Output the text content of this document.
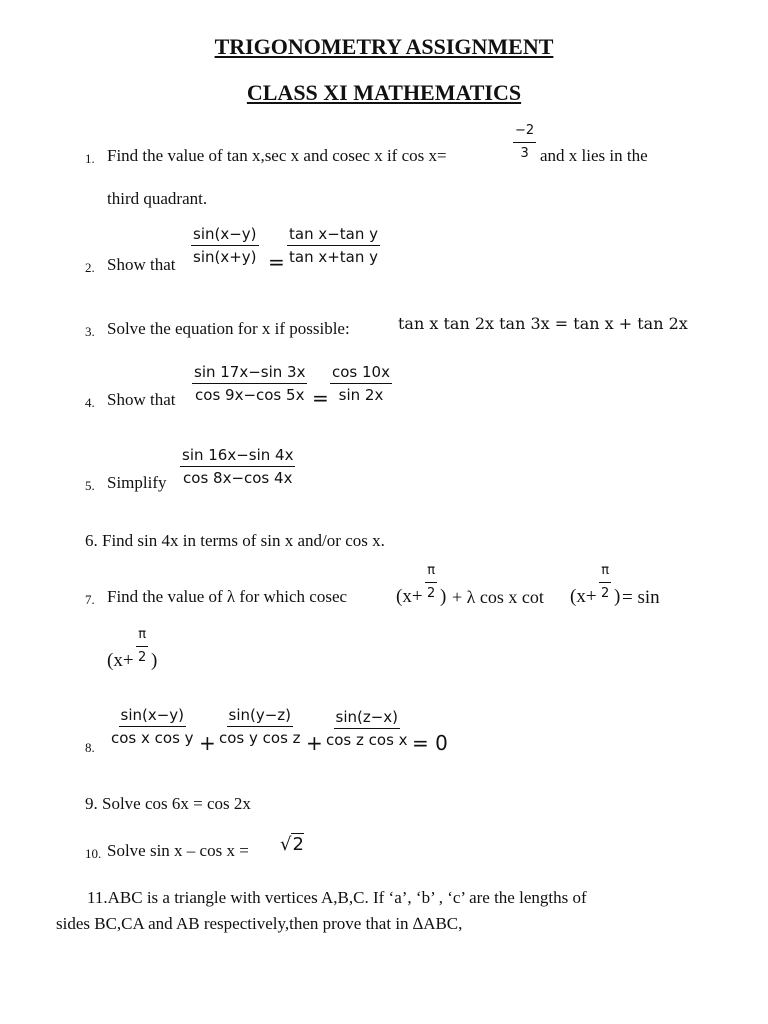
TRIGONOMETRY ASSIGNMENT
CLASS XI MATHEMATICS
1. Find the value of tan x,sec x and cosec x if cos x=	$\frac{-2}{3}$ and x lies in the
third quadrant.
2. Show that $\frac{\sin(x-y)}{\sin(x+y)} = \frac{\text{tan x−tan y}}{\text{tan x+tan y}}$
3. Solve the equation for x if possible:	tan x tan 2x tan 3x = tan x + tan 2x
4. Show that $\frac{\sin 17x-\sin 3x}{\cos 9x-\cos 5x} = \frac{\cos 10x}{\sin 2x}$
5. Simplify $\frac{\sin 16x-\sin 4x}{\cos 8x-\cos 4x}$
6. Find sin 4x in terms of sin x and/or cos x.
7. Find the value of λ for which cosec	($x+ \frac{\pi}{2}$ ) + λ cos x $\cot (x+ \frac{\pi}{2}$ ) = sin
($x+ \frac{\pi}{2}$ )
8.
$\frac{\sin(x-y)}{\text{cos x cos y}} + \frac{\sin(y-z)}{\text{cos y cos z}} + \frac{\sin(z-x)}{\text{cos z cos x}} = 0$
9. Solve cos 6x = cos 2x
10. Solve sin x – cos x = √2
11.ABC is a triangle with vertices A,B,C. If ‘a’, ‘b’ , ‘c’ are the lengths of
sides BC,CA and AB respectively,then prove that in ∆ABC,
